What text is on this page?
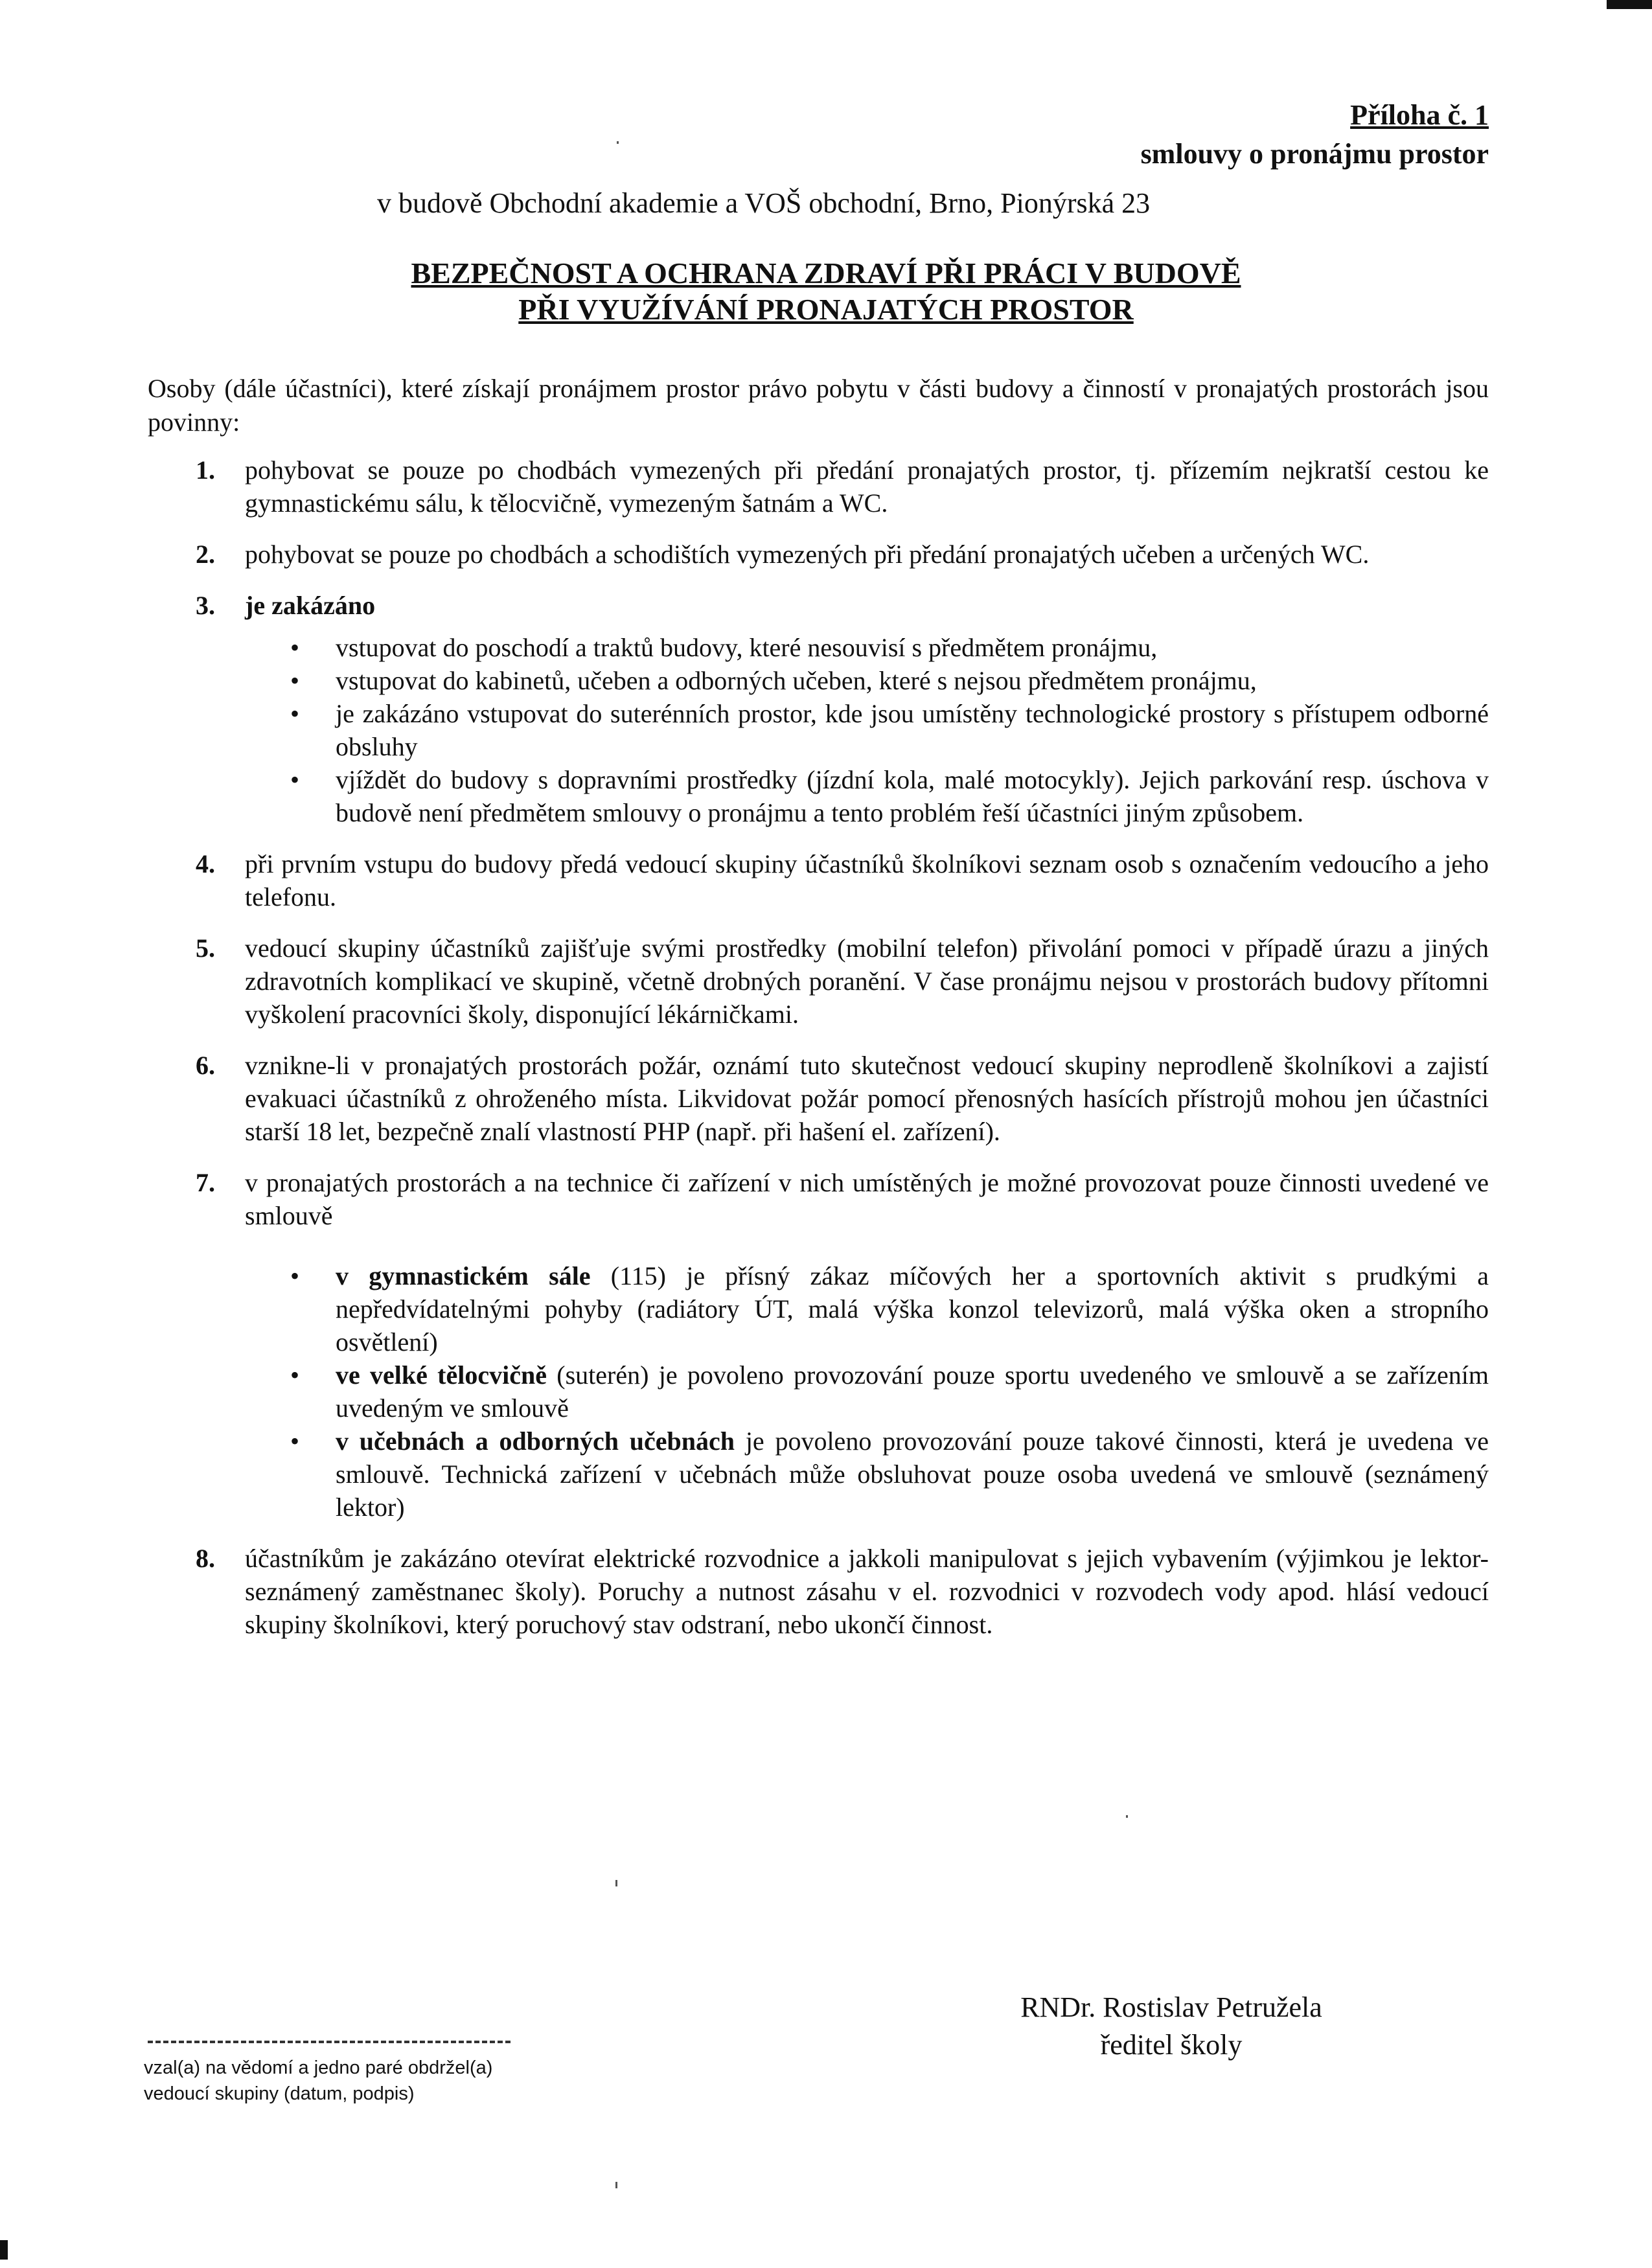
Příloha č. 1
smlouvy o pronájmu prostor
v budově Obchodní akademie a VOŠ obchodní, Brno, Pionýrská 23
BEZPEČNOST A OCHRANA ZDRAVÍ PŘI PRÁCI V BUDOVĚ
PŘI VYUŽÍVÁNÍ PRONAJATÝCH PROSTOR
Osoby (dále účastníci), které získají pronájmem prostor právo pobytu v části budovy a činností v pronajatých prostorách jsou povinny:
1. pohybovat se pouze po chodbách vymezených při předání pronajatých prostor, tj. přízemím nejkratší cestou ke gymnastickému sálu, k tělocvičně, vymezeným šatnám a WC.
2. pohybovat se pouze po chodbách a schodištích vymezených při předání pronajatých učeben a určených WC.
3. je zakázáno
• vstupovat do poschodí a traktů budovy, které nesouvisí s předmětem pronájmu,
• vstupovat do kabinetů, učeben a odborných učeben, které s nejsou předmětem pronájmu,
• je zakázáno vstupovat do suterénních prostor, kde jsou umístěny technologické prostory s přístupem odborné obsluhy
• vjíždět do budovy s dopravními prostředky (jízdní kola, malé motocykly). Jejich parkování resp. úschova v budově není předmětem smlouvy o pronájmu a tento problém řeší účastníci jiným způsobem.
4. při prvním vstupu do budovy předá vedoucí skupiny účastníků školníkovi seznam osob s označením vedoucího a jeho telefonu.
5. vedoucí skupiny účastníků zajišťuje svými prostředky (mobilní telefon) přivolání pomoci v případě úrazu a jiných zdravotních komplikací ve skupině, včetně drobných poranění. V čase pronájmu nejsou v prostorách budovy přítomni vyškolení pracovníci školy, disponující lékárničkami.
6. vznikne-li v pronajatých prostorách požár, oznámí tuto skutečnost vedoucí skupiny neprodleně školníkovi a zajistí evakuaci účastníků z ohroženého místa. Likvidovat požár pomocí přenosných hasících přístrojů mohou jen účastníci starší 18 let, bezpečně znalí vlastností PHP (např. při hašení el. zařízení).
7. v pronajatých prostorách a na technice či zařízení v nich umístěných je možné provozovat pouze činnosti uvedené ve smlouvě
• v gymnastickém sále (115) je přísný zákaz míčových her a sportovních aktivit s prudkými a nepředvídatelnými pohyby (radiátory ÚT, malá výška konzol televizorů, malá výška oken a stropního osvětlení)
• ve velké tělocvičně (suterén) je povoleno provozování pouze sportu uvedeného ve smlouvě a se zařízením uvedeným ve smlouvě
• v učebnách a odborných učebnách je povoleno provozování pouze takové činnosti, která je uvedena ve smlouvě. Technická zařízení v učebnách může obsluhovat pouze osoba uvedená ve smlouvě (seznámený lektor)
8. účastníkům je zakázáno otevírat elektrické rozvodnice a jakkoli manipulovat s jejich vybavením (výjimkou je lektor-seznámený zaměstnanec školy). Poruchy a nutnost zásahu v el. rozvodnici v rozvodech vody apod. hlásí vedoucí skupiny školníkovi, který poruchový stav odstraní, nebo ukončí činnost.
vzal(a) na vědomí a jedno paré obdržel(a)
vedoucí skupiny (datum, podpis)
RNDr. Rostislav Petružela
ředitel školy
